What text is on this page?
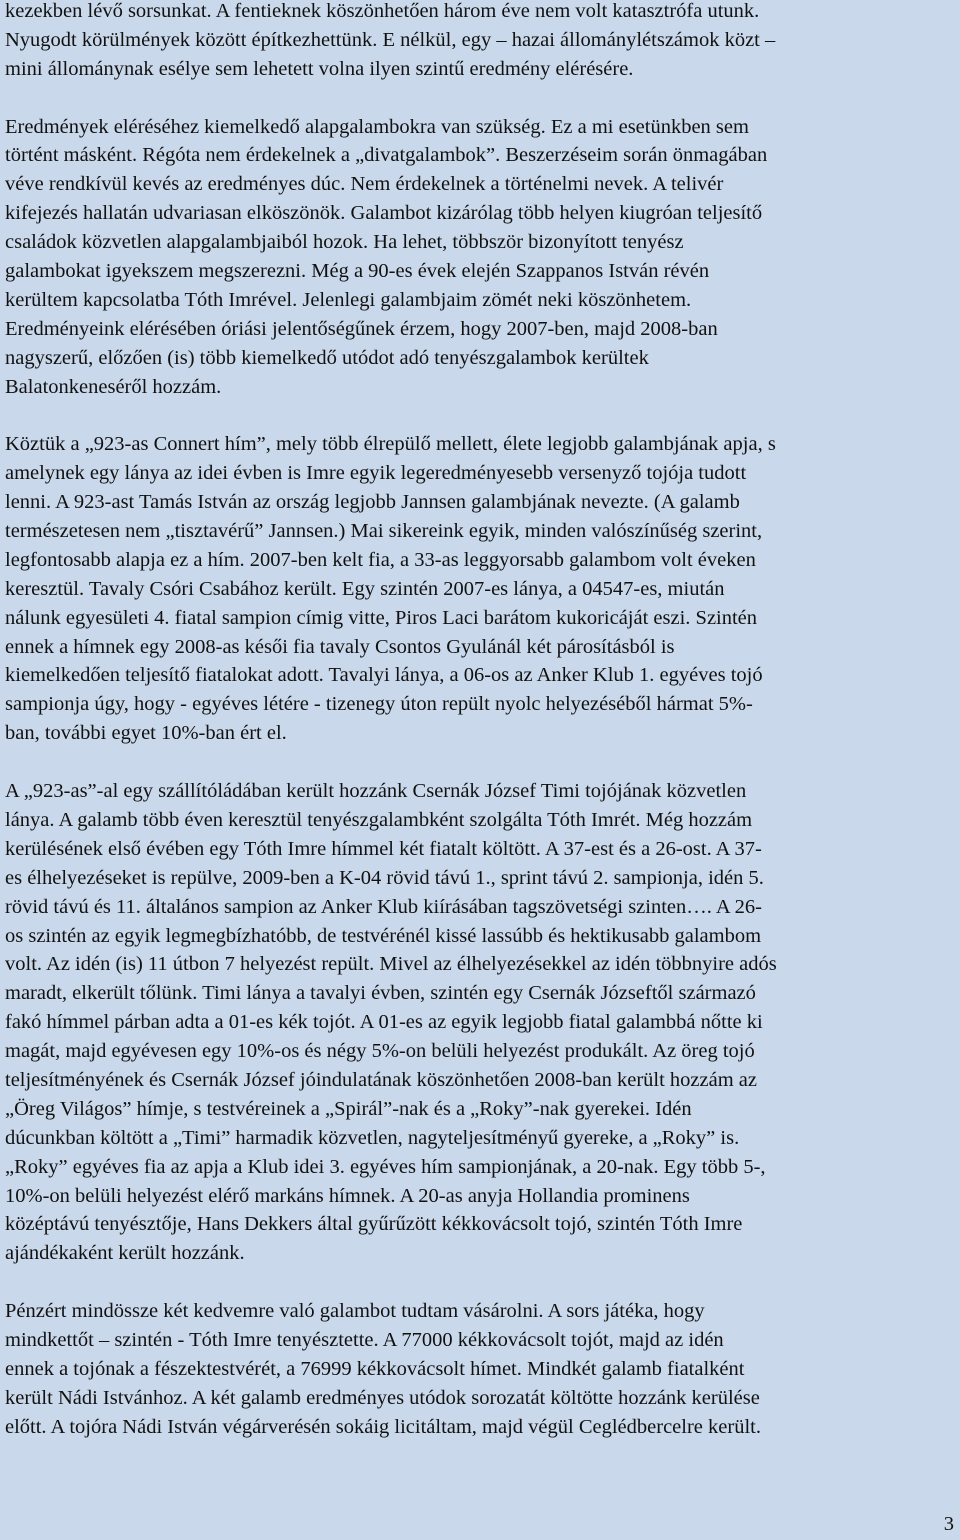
kezekben lévő sorsunkat. A fentieknek köszönhetően három éve nem volt katasztrófa utunk.
Nyugodt körülmények között építkezhettünk. E nélkül, egy – hazai állománylétszámok közt –
mini állománynak esélye sem lehetett volna ilyen szintű eredmény elérésére.
Eredmények eléréséhez kiemelkedő alapgalambokra van szükség. Ez a mi esetünkben sem
történt másként. Régóta nem érdekelnek a „divatgalambok”. Beszerzéseim során önmagában
véve rendkívül kevés az eredményes dúc. Nem érdekelnek a történelmi nevek. A telivér
kifejezés hallatán udvariasan elköszönök. Galambot kizárólag több helyen kiugróan teljesítő
családok közvetlen alapgalambjaiból hozok. Ha lehet, többször bizonyított tenyész
galambokat igyekszem megszerezni. Még a 90-es évek elején Szappanos István révén
kerültem kapcsolatba Tóth Imrével. Jelenlegi galambjaim zömét neki köszönhetem.
Eredményeink elérésében óriási jelentőségűnek érzem, hogy 2007-ben, majd 2008-ban
nagyszerű, előzően (is) több kiemelkedő utódot adó tenyészgalambok kerültek
Balatonkeneséről hozzám.
Köztük a „923-as Connert hím”, mely több élrepülő mellett, élete legjobb galambjának apja, s
amelynek egy lánya az idei évben is Imre egyik legeredményesebb versenyző tojója tudott
lenni. A 923-ast Tamás István az ország legjobb Jannsen galambjának nevezte. (A galamb
természetesen nem „tisztavérű” Jannsen.) Mai sikereink egyik, minden valószínűség szerint,
legfontosabb alapja ez a hím. 2007-ben kelt fia, a 33-as leggyorsabb galambom volt éveken
keresztül. Tavaly Csóri Csabához került. Egy szintén 2007-es lánya, a 04547-es, miután
nálunk egyesületi 4. fiatal sampion címig vitte, Piros Laci barátom kukoricáját eszi. Szintén
ennek a hímnek egy 2008-as késői fia tavaly Csontos Gyulánál két párosításból is
kiemelkedően teljesítő fiatalokat adott. Tavalyi lánya, a 06-os az Anker Klub 1. egyéves tojó
sampionja úgy, hogy - egyéves létére - tizenegy úton repült nyolc helyezéséből hármat 5%-
ban, további egyet 10%-ban ért el.
A „923-as”-al egy szállítóládában került hozzánk Csernák József Timi tojójának közvetlen
lánya. A galamb több éven keresztül tenyészgalambként szolgálta Tóth Imrét. Még hozzám
kerülésének első évében egy Tóth Imre hímmel két fiatalt költött. A 37-est és a 26-ost. A 37-
es élhelyezéseket is repülve, 2009-ben a K-04 rövid távú 1., sprint távú 2. sampionja, idén 5.
rövid távú és 11. általános sampion az Anker Klub kiírásában tagszövetségi szinten…. A 26-
os szintén az egyik legmegbízhatóbb, de testvérénél kissé lassúbb és hektikusabb galambom
volt. Az idén (is) 11 útbon 7 helyezést repült. Mivel az élhelyezésekkel az idén többnyire adós
maradt, elkerült tőlünk. Timi lánya a tavalyi évben, szintén egy Csernák Józseftől származó
fakó hímmel párban adta a 01-es kék tojót. A 01-es az egyik legjobb fiatal galambbá nőtte ki
magát, majd egyévesen egy 10%-os és négy 5%-on belüli helyezést produkált. Az öreg tojó
teljesítményének és Csernák József jóindulatának köszönhetően 2008-ban került hozzám az
„Öreg Világos” hímje, s testvéreinek a „Spirál”-nak és a „Roky”-nak gyerekei. Idén
dúcunkban költött a „Timi” harmadik közvetlen, nagyteljesítményű gyereke, a „Roky” is.
„Roky” egyéves fia az apja a Klub idei 3. egyéves hím sampionjának, a 20-nak. Egy több 5-,
10%-on belüli helyezést elérő markáns hímnek. A 20-as anyja Hollandia prominens
középtávú tenyésztője, Hans Dekkers által gyűrűzött kékkovácsolt tojó, szintén Tóth Imre
ajándékaként került hozzánk.
Pénzért mindössze két kedvemre való galambot tudtam vásárolni. A sors játéka, hogy
mindkettőt – szintén - Tóth Imre tenyésztette. A 77000 kékkovácsolt tojót, majd az idén
ennek a tojónak a fészektestvérét, a 76999 kékkovácsolt hímet. Mindkét galamb fiatalként
került Nádi Istvánhoz. A két galamb eredményes utódok sorozatát költötte hozzánk kerülése
előtt. A tojóra Nádi István végárverésén sokáig licitáltam, majd végül Ceglédbercelre került.
3
